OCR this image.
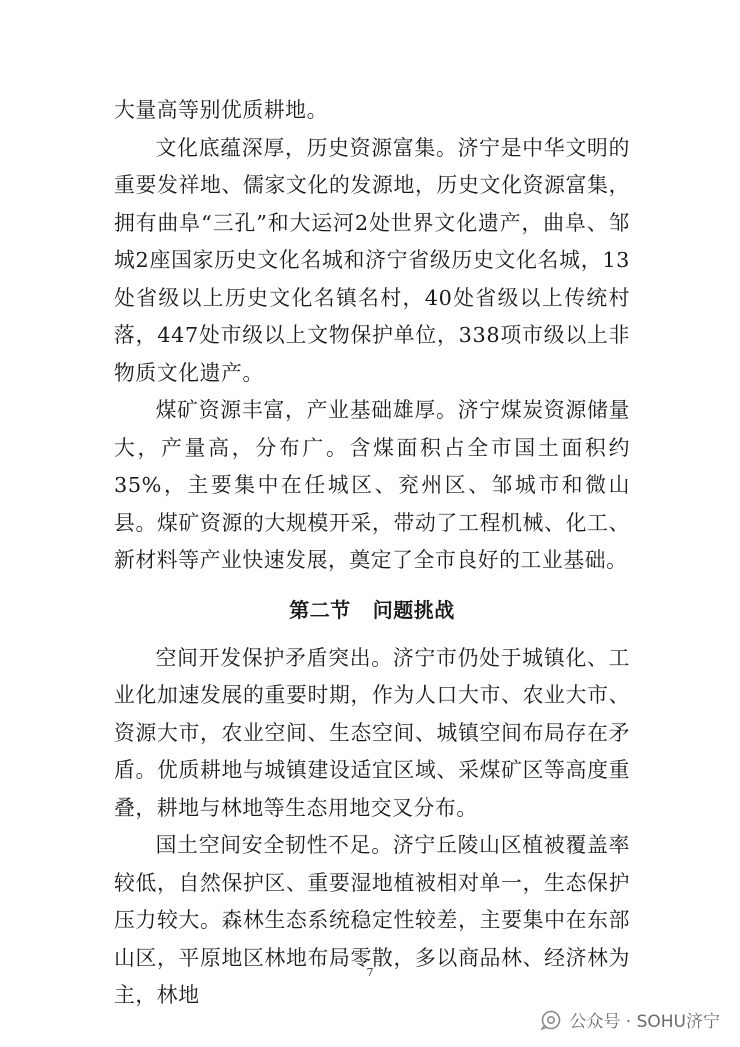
大量高等别优质耕地。

文化底蕴深厚，历史资源富集。济宁是中华文明的重要发祥地、儒家文化的发源地，历史文化资源富集，拥有曲阜“三孔”和大运河2处世界文化遗产，曲阜、邹城2座国家历史文化名城和济宁省级历史文化名城，13处省级以上历史文化名镇名村，40处省级以上传统村落，447处市级以上文物保护单位，338项市级以上非物质文化遗产。

煤矿资源丰富，产业基础雄厚。济宁煤炭资源储量大，产量高，分布广。含煤面积占全市国土面积约35%，主要集中在任城区、兖州区、邹城市和微山县。煤矿资源的大规模开采，带动了工程机械、化工、新材料等产业快速发展，奠定了全市良好的工业基础。

第二节 问题挑战

空间开发保护矛盾突出。济宁市仍处于城镇化、工业化加速发展的重要时期，作为人口大市、农业大市、资源大市，农业空间、生态空间、城镇空间布局存在矛盾。优质耕地与城镇建设适宜区域、采煤矿区等高度重叠，耕地与林地等生态用地交叉分布。

国土空间安全韧性不足。济宁丘陵山区植被覆盖率较低，自然保护区、重要湿地植被相对单一，生态保护压力较大。森林生态系统稳定性较差，主要集中在东部山区，平原地区林地布局零散，多以商品林、经济林为主，林地

7
公众号 · SOHU济宁
